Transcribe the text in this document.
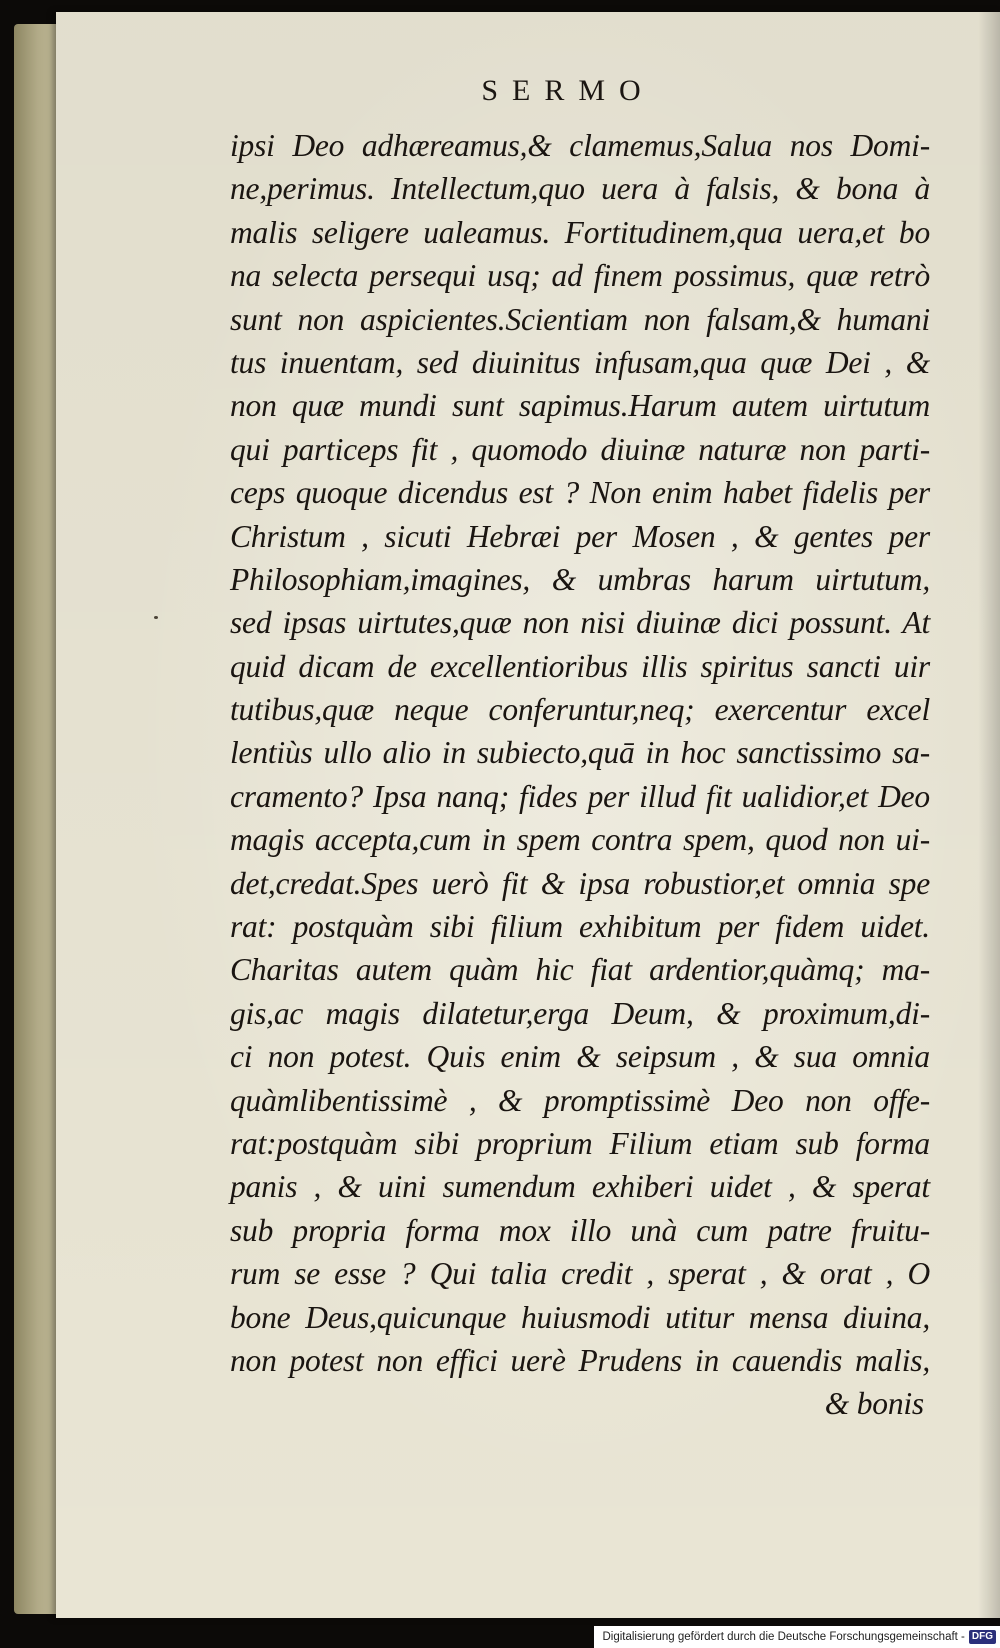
SERMO
ipsi Deo adhæreamus,& clamemus,Salua nos Domi-
ne,perimus. Intellectum,quo uera à falsis, & bona à
malis seligere ualeamus. Fortitudinem,qua uera,et bo
na selecta persequi usq; ad finem possimus, quæ retrò
sunt non aspicientes.Scientiam non falsam,& humani
tus inuentam, sed diuinitus infusam,qua quæ Dei , &
non quæ mundi sunt sapimus.Harum autem uirtutum
qui particeps fit , quomodo diuinæ naturæ non parti-
ceps quoque dicendus est ? Non enim habet fidelis per
Christum , sicuti Hebræi per Mosen , & gentes per
Philosophiam,imagines, & umbras harum uirtutum,
sed ipsas uirtutes,quæ non nisi diuinæ dici possunt. At
quid dicam de excellentioribus illis spiritus sancti uir
tutibus,quæ neque conferuntur,neq; exercentur excel
lentiùs ullo alio in subiecto,quā in hoc sanctissimo sa-
cramento? Ipsa nanq; fides per illud fit ualidior,et Deo
magis accepta,cum in spem contra spem, quod non ui-
det,credat.Spes uerò fit & ipsa robustior,et omnia spe
rat: postquàm sibi filium exhibitum per fidem uidet.
Charitas autem quàm hic fiat ardentior,quàmq; ma-
gis,ac magis dilatetur,erga Deum, & proximum,di-
ci non potest. Quis enim & seipsum , & sua omnia
quàmlibentissimè , & promptissimè Deo non offe-
rat:postquàm sibi proprium Filium etiam sub forma
panis , & uini sumendum exhiberi uidet , & sperat
sub propria forma mox illo unà cum patre fruitu-
rum se esse ? Qui talia credit , sperat , & orat , O
bone Deus,quicunque huiusmodi utitur mensa diuina,
non potest non effici uerè Prudens in cauendis malis,
& bonis
Digitalisierung gefördert durch die Deutsche Forschungsgemeinschaft - DFG
